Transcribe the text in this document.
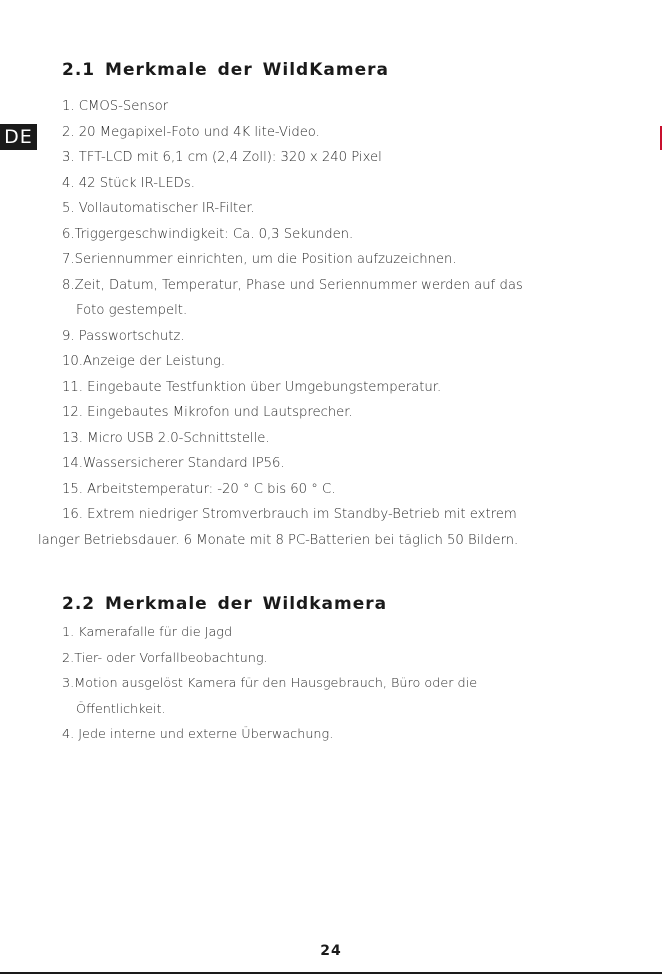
DE
2.1 Merkmale der WildKamera
1. CMOS-Sensor
2. 20 Megapixel-Foto und 4K lite-Video.
3. TFT-LCD mit 6,1 cm (2,4 Zoll): 320 x 240 Pixel
4. 42 Stück IR-LEDs.
5. Vollautomatischer IR-Filter.
6.Triggergeschwindigkeit: Ca. 0,3 Sekunden.
7.Seriennummer einrichten, um die Position aufzuzeichnen.
8.Zeit, Datum, Temperatur, Phase und Seriennummer werden auf das
Foto gestempelt.
9. Passwortschutz.
10.Anzeige der Leistung.
11. Eingebaute Testfunktion über Umgebungstemperatur.
12. Eingebautes Mikrofon und Lautsprecher.
13. Micro USB 2.0-Schnittstelle.
14.Wassersicherer Standard IP56.
15. Arbeitstemperatur: -20 ° C bis 60 ° C.
16. Extrem niedriger Stromverbrauch im Standby-Betrieb mit extrem
langer Betriebsdauer. 6 Monate mit 8 PC-Batterien bei täglich 50 Bildern.
2.2 Merkmale der Wildkamera
1. Kamerafalle für die Jagd
2.Tier- oder Vorfallbeobachtung.
3.Motion ausgelöst Kamera für den Hausgebrauch, Büro oder die
Öffentlichkeit.
4. Jede interne und externe Überwachung.
24
